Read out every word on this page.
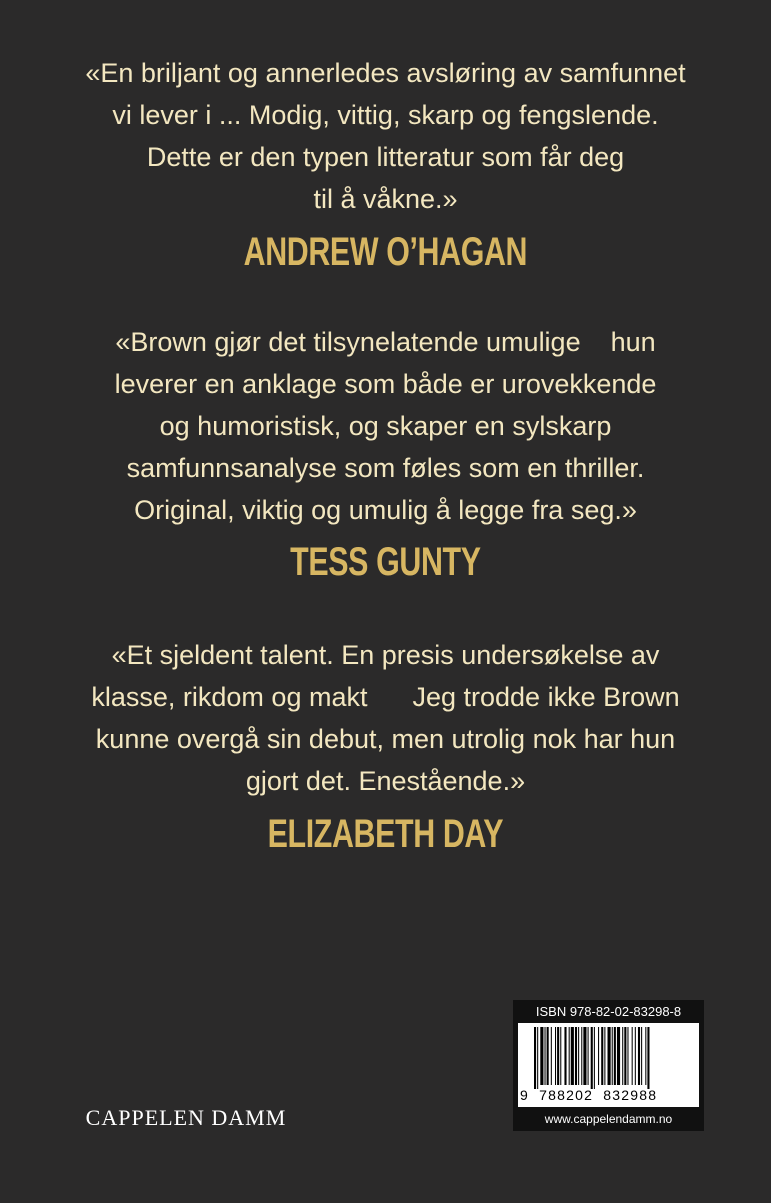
«En briljant og annerledes avsløring av samfunnet
vi lever i ... Modig, vittig, skarp og fengslende.
Dette er den typen litteratur som får deg
til å våkne.»
ANDREW O’HAGAN
«Brown gjør det tilsynelatende umulige    hun
leverer en anklage som både er urovekkende
og humoristisk, og skaper en sylskarp
samfunnsanalyse som føles som en thriller.
Original, viktig og umulig å legge fra seg.»
TESS GUNTY
«Et sjeldent talent. En presis undersøkelse av
klasse, rikdom og makt      Jeg trodde ikke Brown
kunne overgå sin debut, men utrolig nok har hun
gjort det. Enestående.»
ELIZABETH DAY
CAPPELEN DAMM
ISBN 978-82-02-83298-8
9  788202  832988
www.cappelendamm.no
